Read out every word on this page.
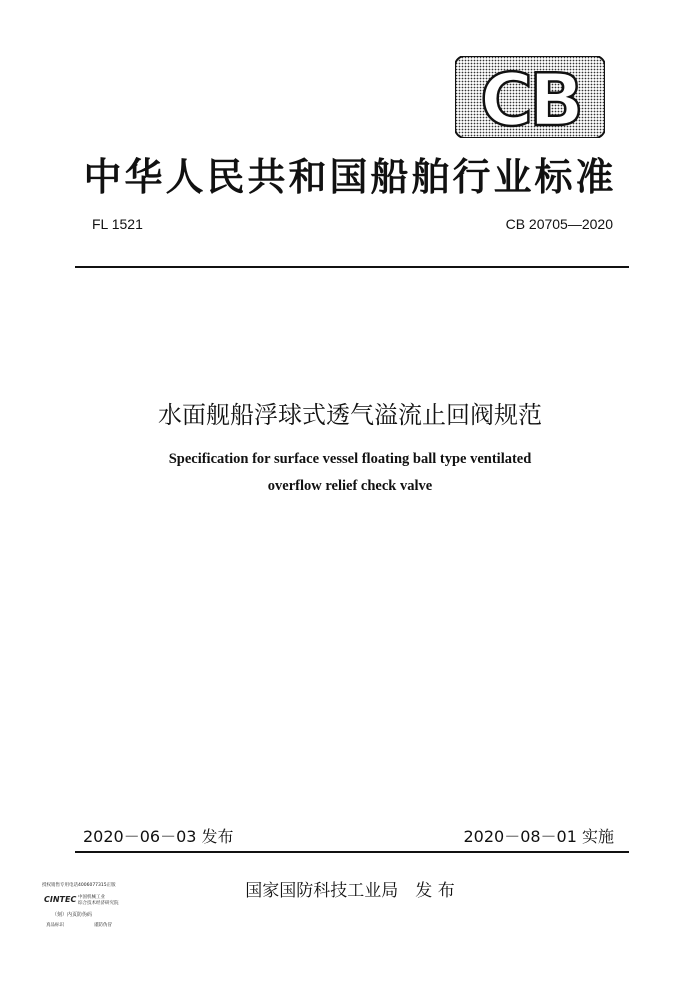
CB
中华人民共和国船舶行业标准
FL 1521	CB 20705—2020
水面舰船浮球式透气溢流止回阀规范
Specification for surface vessel floating ball type ventilated
overflow relief check valve
2020－06－03 发布	2020－08－01 实施
授权销售专用电话4006077315正版
CINTEC 中国机械工业
综合技术经济研究院
（刻）内页防伪码
真品标识	谨防伪冒
国家国防科技工业局　发 布
